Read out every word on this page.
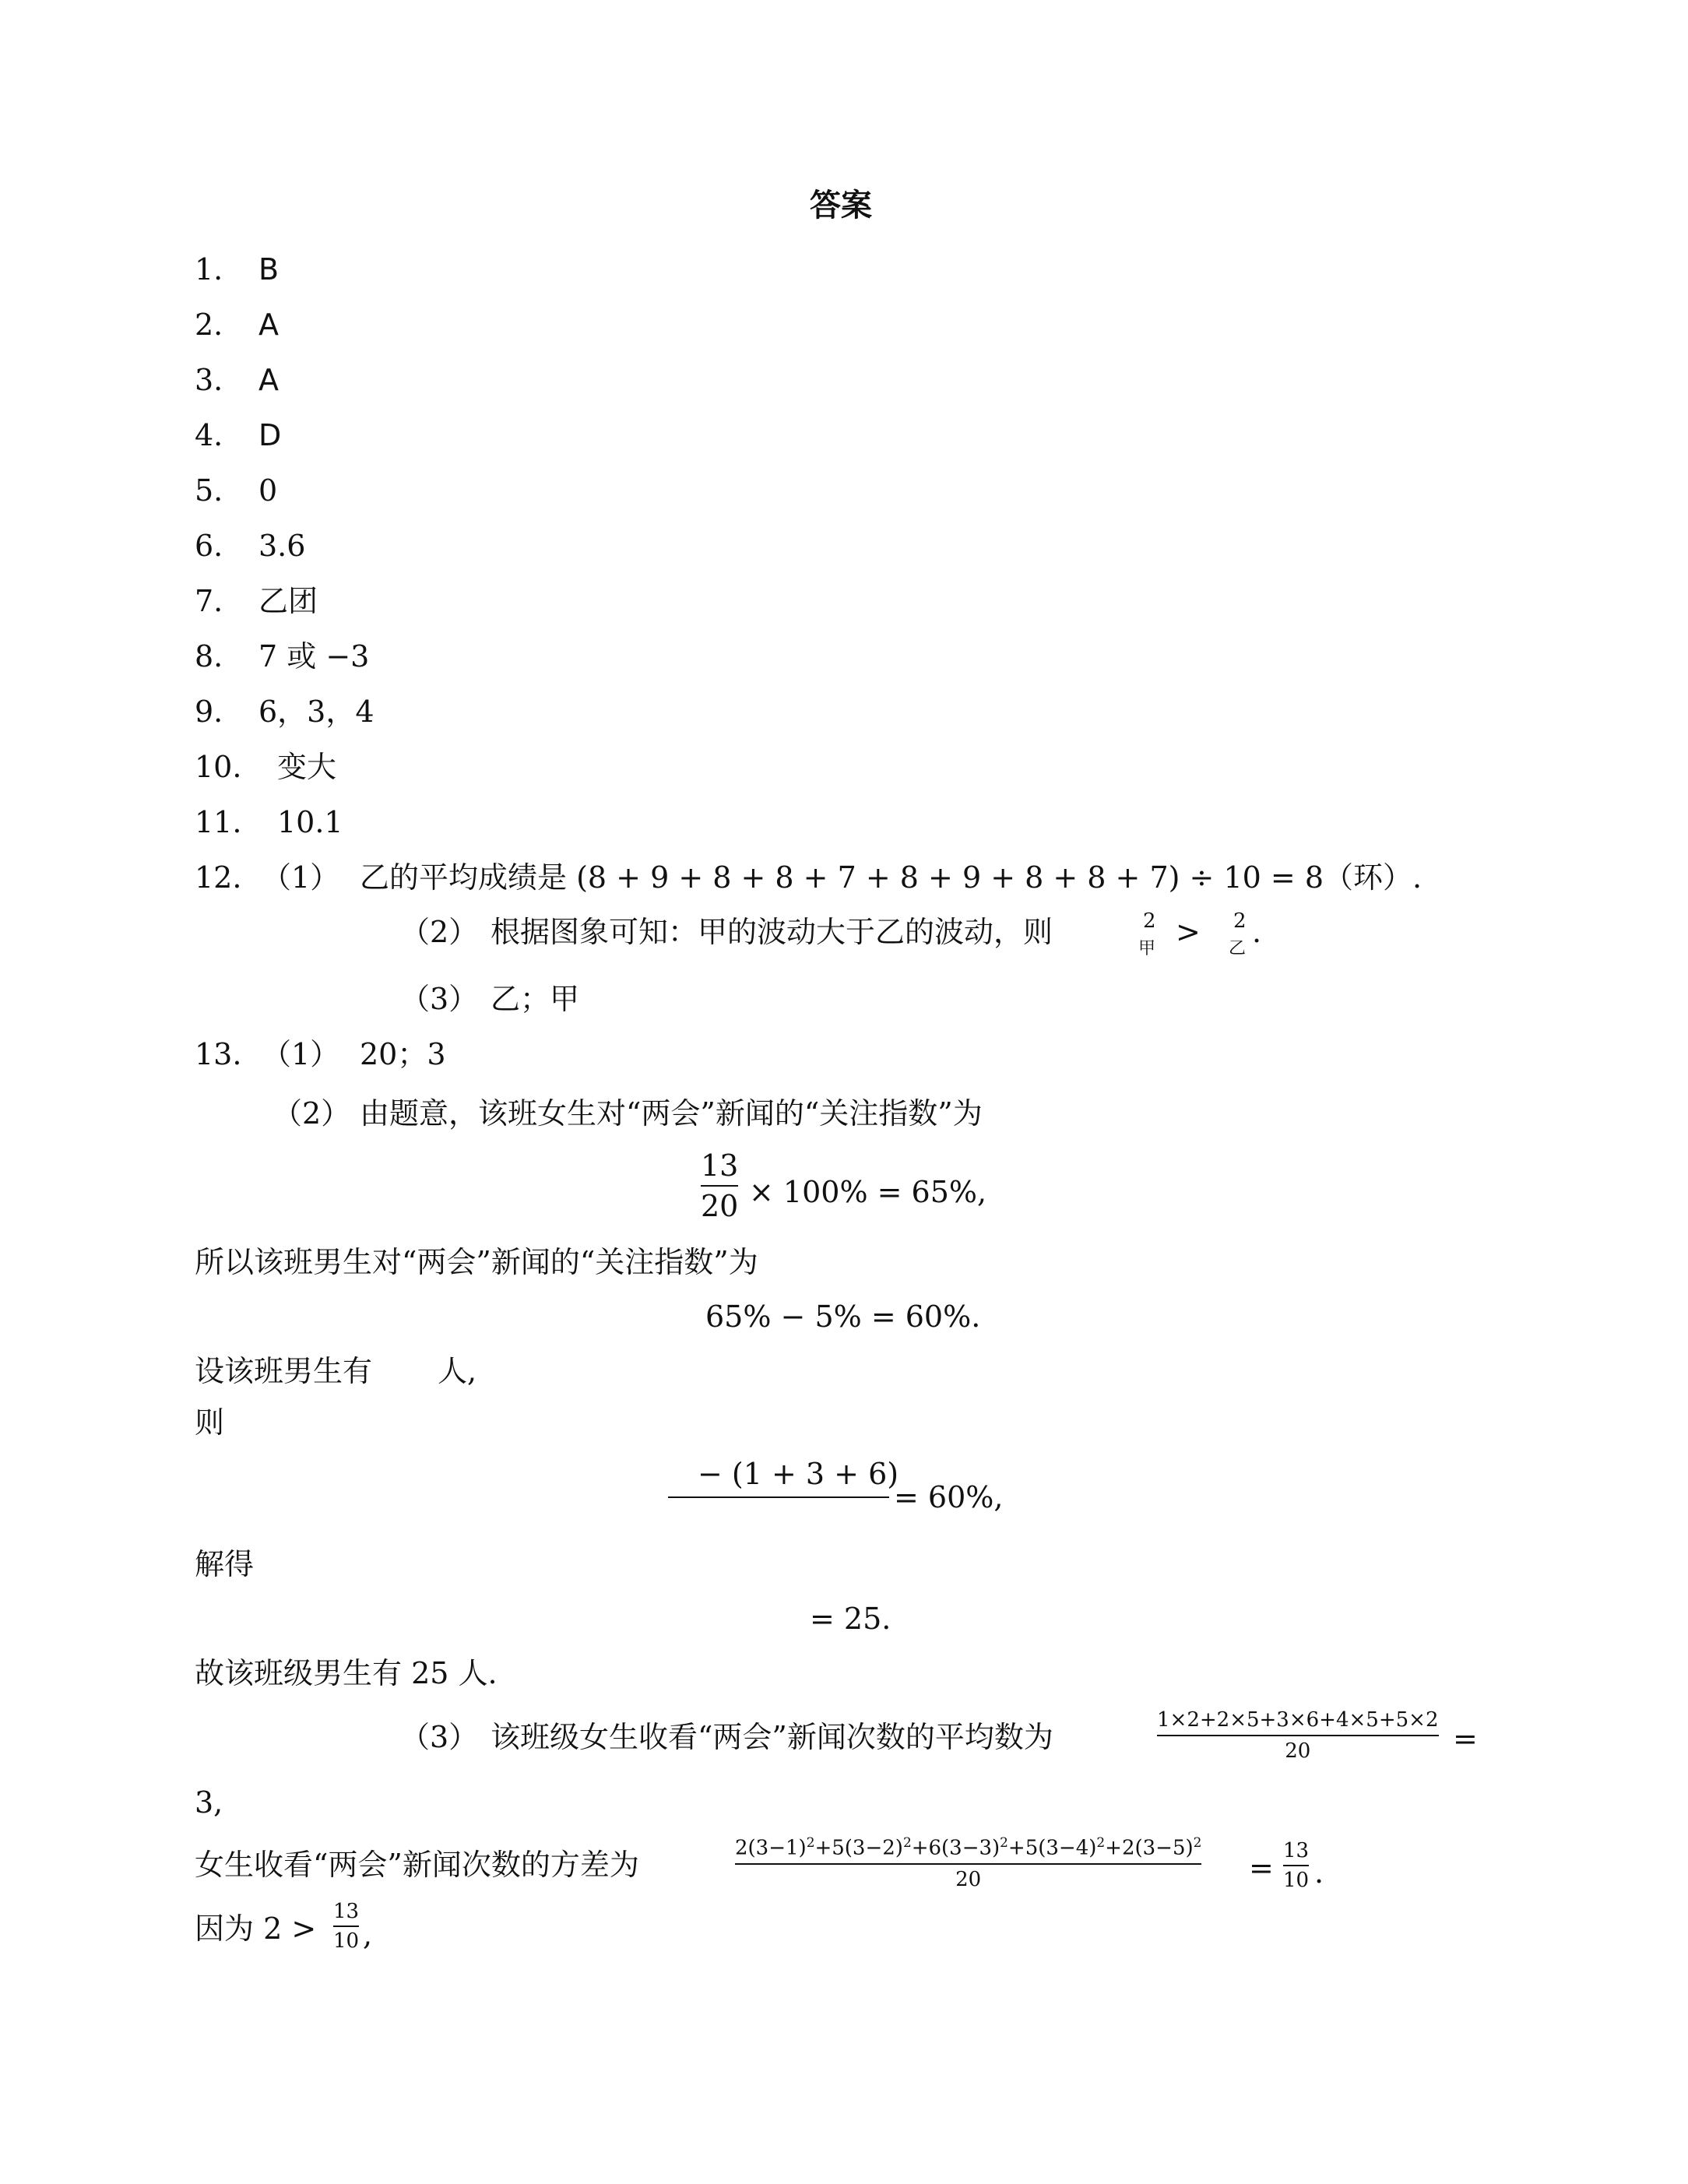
答案
1. B
2. A
3. A
4. D
5. 0
6. 3.6
7. 乙团
8. 7 或 −3
9. 6，3，4
10. 变大
11. 10.1
12. （1） 乙的平均成绩是 (8 + 9 + 8 + 8 + 7 + 8 + 9 + 8 + 8 + 7) ÷ 10 = 8（环）.
（2） 根据图象可知：甲的波动大于乙的波动，则	2
甲 > 2
乙 .
（3） 乙；甲
13. （1） 20；3
（2） 由题意，该班女生对“两会”新闻的“关注指数”为
13
20 × 100% = 65%,
所以该班男生对“两会”新闻的“关注指数”为
65% − 5% = 60%.
设该班男生有 人,
则
− (1 + 3 + 6)
= 60%,
解得
= 25.
故该班级男生有 25 人.
（3） 该班级女生收看“两会”新闻次数的平均数为	1×2+2×5+3×6+4×5+5×2
20	=
3,
女生收看“两会”新闻次数的方差为	$2(3-1)^2+5(3-2)^2+6(3-3)^2+5(3-4)^2+2(3-5)^2$
20	= 13
10 .
因为 2 > 13
10 ,
